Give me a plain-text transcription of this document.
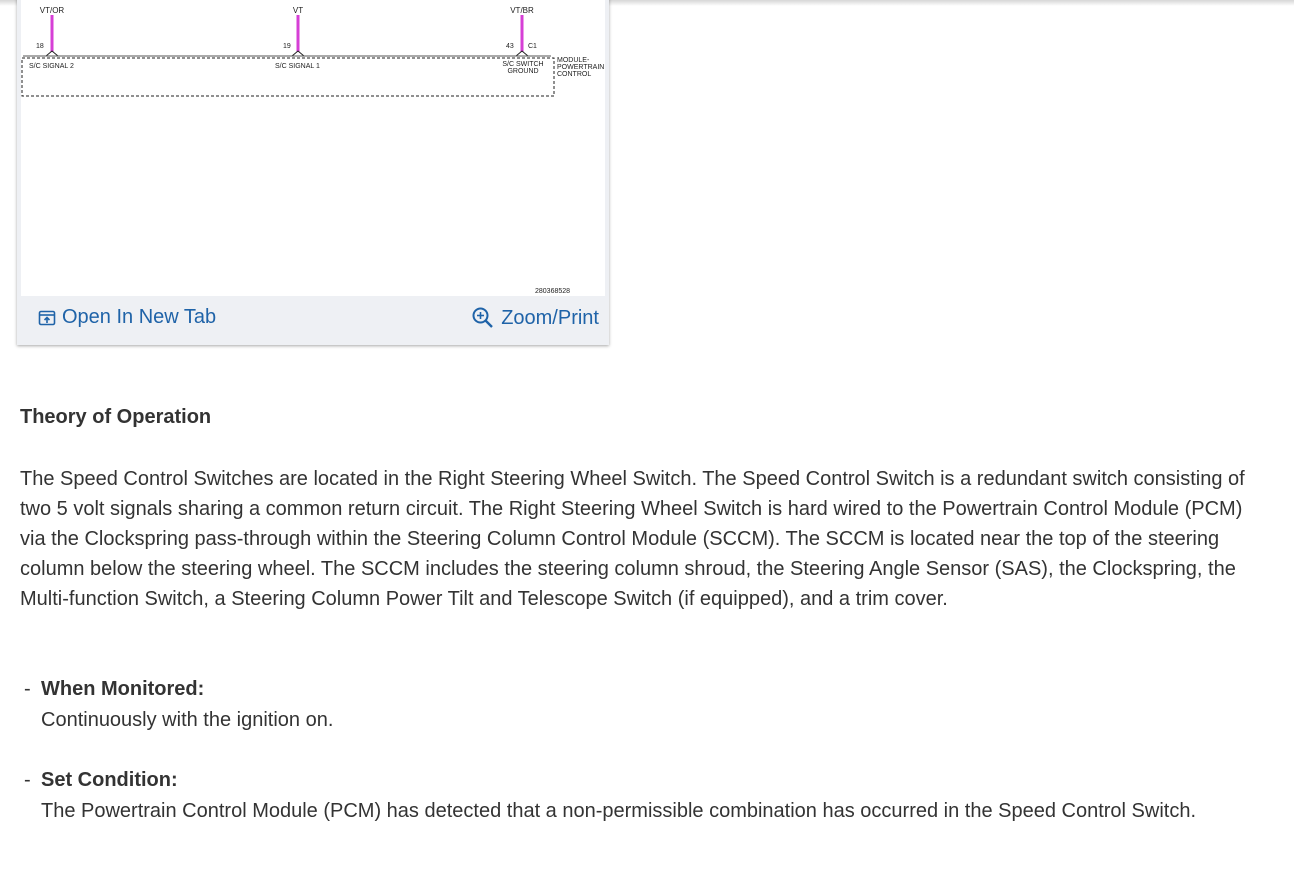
VT/OR	VT	VT/BR
18	19	43 C1
S/C SIGNAL 2	S/C SIGNAL 1	S/C SWITCH
GROUND
MODULE-
POWERTRAIN
CONTROL
280368528
Open In New Tab	Zoom/Print
Theory of Operation

The Speed Control Switches are located in the Right Steering Wheel Switch. The Speed Control Switch is a redundant switch consisting of two 5 volt signals sharing a common return circuit. The Right Steering Wheel Switch is hard wired to the Powertrain Control Module (PCM) via the Clockspring pass-through within the Steering Column Control Module (SCCM). The SCCM is located near the top of the steering column below the steering wheel. The SCCM includes the steering column shroud, the Steering Angle Sensor (SAS), the Clockspring, the Multi-function Switch, a Steering Column Power Tilt and Telescope Switch (if equipped), and a trim cover.

- When Monitored:
Continuously with the ignition on.
- Set Condition:
The Powertrain Control Module (PCM) has detected that a non-permissible combination has occurred in the Speed Control Switch.
